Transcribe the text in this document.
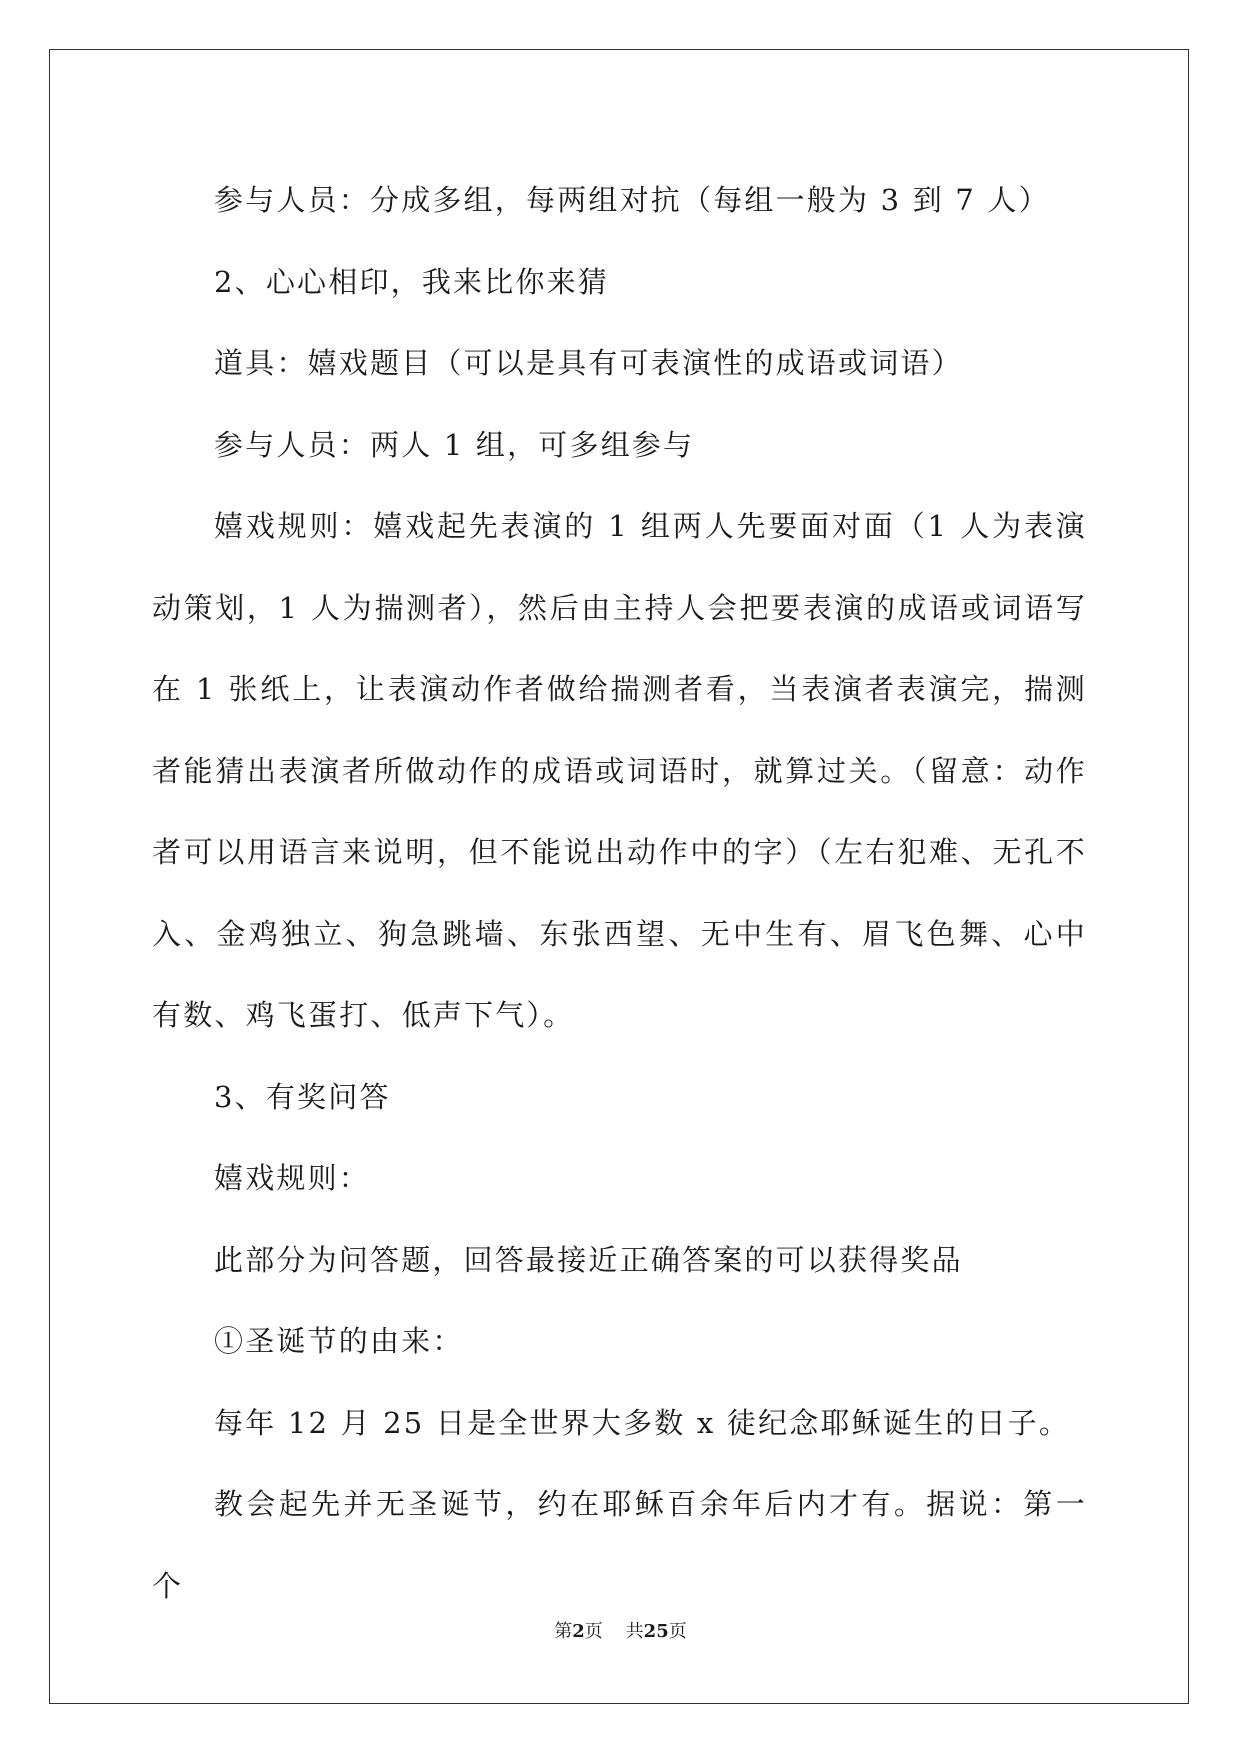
参与人员：分成多组，每两组对抗（每组一般为 3 到 7 人）

2、心心相印，我来比你来猜

道具：嬉戏题目（可以是具有可表演性的成语或词语）

参与人员：两人 1 组，可多组参与

嬉戏规则：嬉戏起先表演的 1 组两人先要面对面（1 人为表演动策划，1 人为揣测者），然后由主持人会把要表演的成语或词语写在 1 张纸上，让表演动作者做给揣测者看，当表演者表演完，揣测者能猜出表演者所做动作的成语或词语时，就算过关。（留意：动作者可以用语言来说明，但不能说出动作中的字）（左右犯难、无孔不入、金鸡独立、狗急跳墙、东张西望、无中生有、眉飞色舞、心中有数、鸡飞蛋打、低声下气）。

3、有奖问答

嬉戏规则：

此部分为问答题，回答最接近正确答案的可以获得奖品

①圣诞节的由来：

每年 12 月 25 日是全世界大多数 x 徒纪念耶稣诞生的日子。

教会起先并无圣诞节，约在耶稣百余年后内才有。据说：第一个

第2页    共25页
